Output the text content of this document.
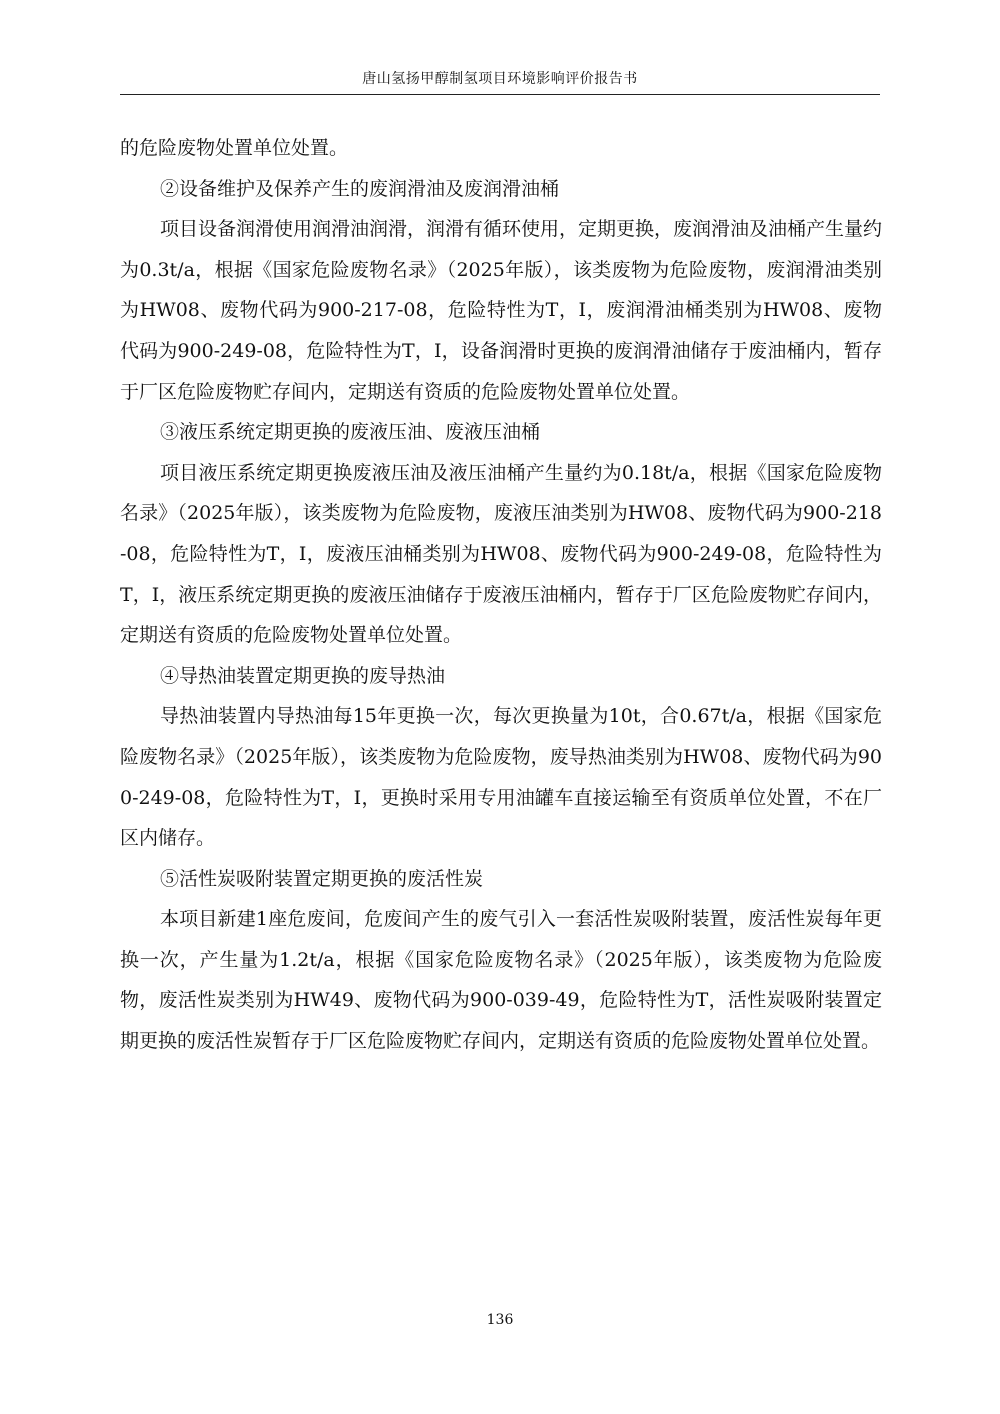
唐山氢扬甲醇制氢项目环境影响评价报告书

的危险废物处置单位处置。

②设备维护及保养产生的废润滑油及废润滑油桶

项目设备润滑使用润滑油润滑，润滑有循环使用，定期更换，废润滑油及油桶产生量约为0.3t/a，根据《国家危险废物名录》（2025年版），该类废物为危险废物，废润滑油类别为HW08、废物代码为900-217-08，危险特性为T，I，废润滑油桶类别为HW08、废物代码为900-249-08，危险特性为T，I，设备润滑时更换的废润滑油储存于废油桶内，暂存于厂区危险废物贮存间内，定期送有资质的危险废物处置单位处置。

③液压系统定期更换的废液压油、废液压油桶

项目液压系统定期更换废液压油及液压油桶产生量约为0.18t/a，根据《国家危险废物名录》（2025年版），该类废物为危险废物，废液压油类别为HW08、废物代码为900-218-08，危险特性为T，I，废液压油桶类别为HW08、废物代码为900-249-08，危险特性为T，I，液压系统定期更换的废液压油储存于废液压油桶内，暂存于厂区危险废物贮存间内，定期送有资质的危险废物处置单位处置。

④导热油装置定期更换的废导热油

导热油装置内导热油每15年更换一次，每次更换量为10t，合0.67t/a，根据《国家危险废物名录》（2025年版），该类废物为危险废物，废导热油类别为HW08、废物代码为900-249-08，危险特性为T，I，更换时采用专用油罐车直接运输至有资质单位处置，不在厂区内储存。

⑤活性炭吸附装置定期更换的废活性炭

本项目新建1座危废间，危废间产生的废气引入一套活性炭吸附装置，废活性炭每年更换一次，产生量为1.2t/a，根据《国家危险废物名录》（2025年版），该类废物为危险废物，废活性炭类别为HW49、废物代码为900-039-49，危险特性为T，活性炭吸附装置定期更换的废活性炭暂存于厂区危险废物贮存间内，定期送有资质的危险废物处置单位处置。

136
